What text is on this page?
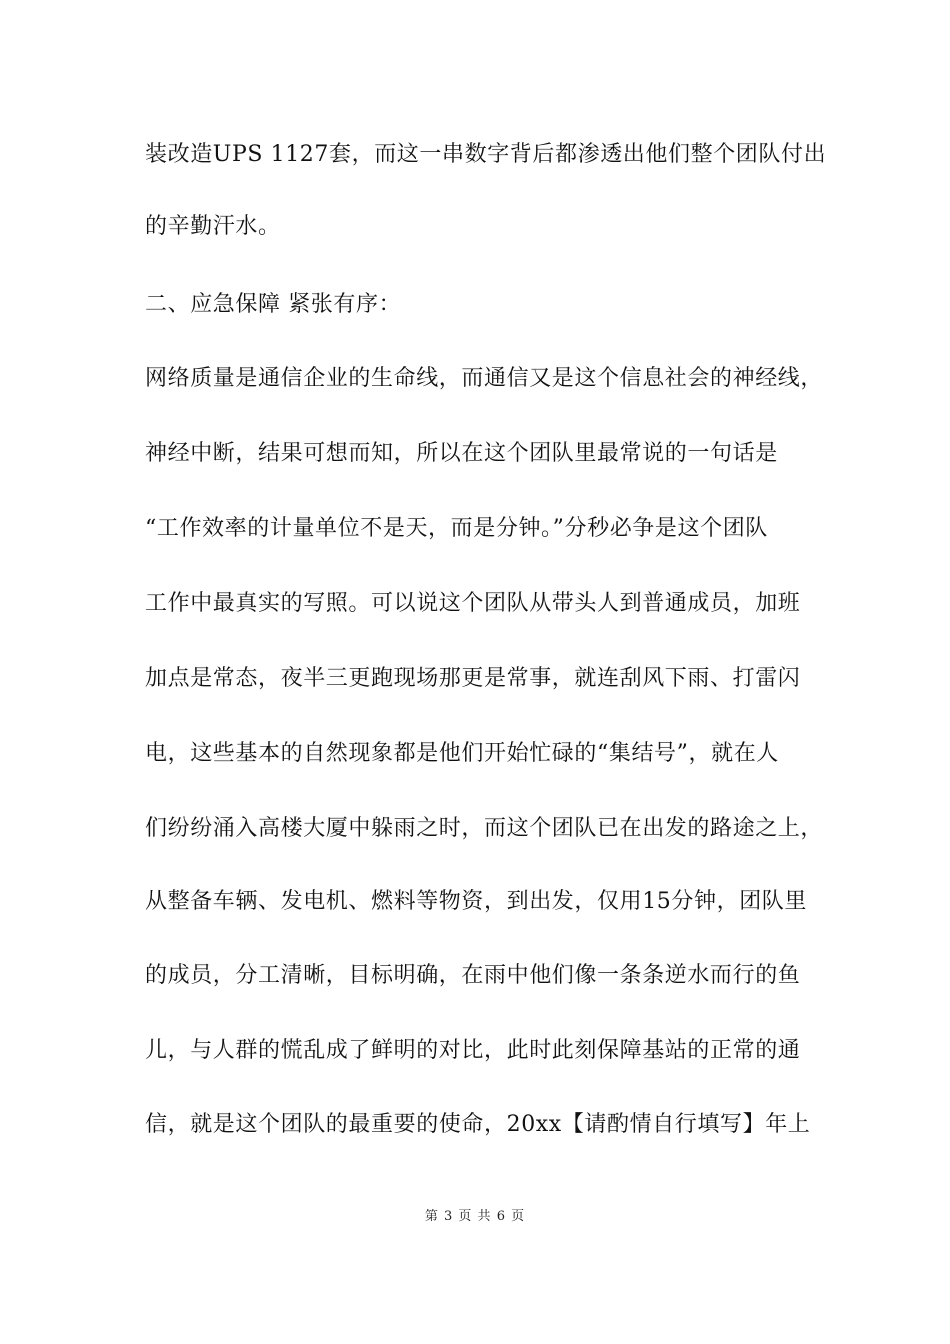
装改造UPS 1127套，而这一串数字背后都渗透出他们整个团队付出
的辛勤汗水。
二、应急保障 紧张有序：
网络质量是通信企业的生命线，而通信又是这个信息社会的神经线，
神经中断，结果可想而知，所以在这个团队里最常说的一句话是
“工作效率的计量单位不是天，而是分钟。”分秒必争是这个团队
工作中最真实的写照。可以说这个团队从带头人到普通成员，加班
加点是常态，夜半三更跑现场那更是常事，就连刮风下雨、打雷闪
电，这些基本的自然现象都是他们开始忙碌的“集结号”，就在人
们纷纷涌入高楼大厦中躲雨之时，而这个团队已在出发的路途之上，
从整备车辆、发电机、燃料等物资，到出发，仅用15分钟，团队里
的成员，分工清晰，目标明确，在雨中他们像一条条逆水而行的鱼
儿，与人群的慌乱成了鲜明的对比，此时此刻保障基站的正常的通
信，就是这个团队的最重要的使命，20xx【请酌情自行填写】年上
第 3 页 共 6 页
